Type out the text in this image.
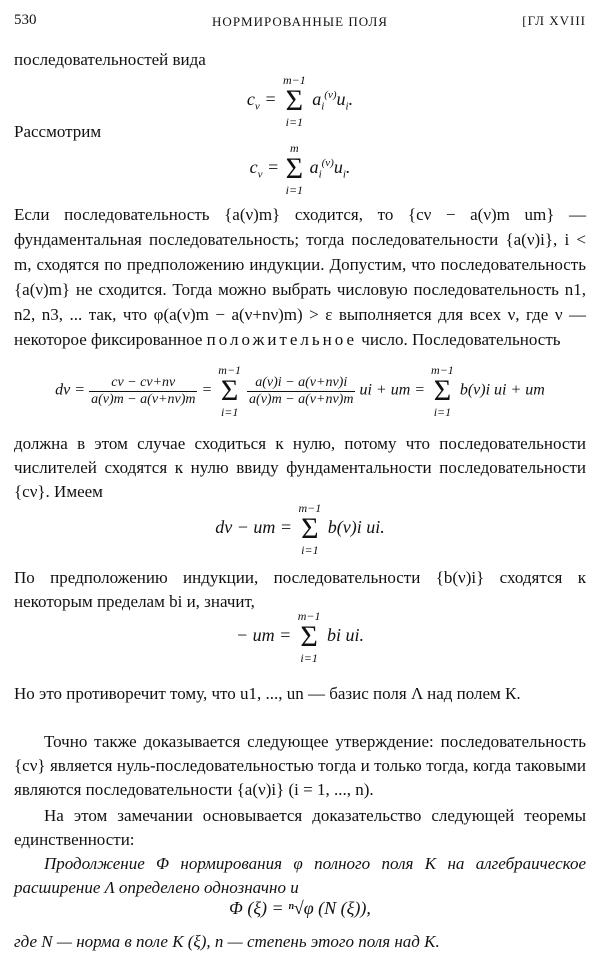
530	НОРМИРОВАННЫЕ ПОЛЯ	[ГЛ XVIII
последовательностей вида
$c_\nu$ =
m−1
Σ
i=1
$a_i^{(\nu)}u_i$.
Рассмотрим
$c_\nu$ =
m
Σ
i=1
$a_i^{(\nu)}u_i$.
Если последовательность {a(ν)m} сходится, то {cν − a(ν)m um} — фундаментальная последовательность; тогда последовательности {a(ν)i}, i < m, сходятся по предположению индукции. Допустим, что последовательность {a(ν)m} не сходится. Тогда можно выбрать числовую последовательность n1, n2, n3, ... так, что φ(a(ν)m − a(ν+nν)m) > ε выполняется для всех ν, где ν — некоторое фиксированное положительное число. Последовательность
$d\nu = \frac{c\nu - c\nu+n\nu}{a(\nu)m - a(\nu+n\nu)m}$ =
m−1
Σ
i=1

$\frac{a(\nu)i - a(\nu+n\nu)i}{a(\nu)m - a(\nu+n\nu)m}$ ui + um =
m−1
Σ
i=1
b(ν)i ui + um
должна в этом случае сходиться к нулю, потому что последовательности числителей сходятся к нулю ввиду фундаментальности последовательности {cν}. Имеем
dν − um =
m−1
Σ
i=1
b(ν)i ui.
По предположению индукции, последовательности {b(ν)i} сходятся к некоторым пределам bi и, значит,
− um =
m−1
Σ
i=1
bi ui.
Но это противоречит тому, что u1, ..., un — базис поля Λ над полем К.
Точно также доказывается следующее утверждение: последовательность {cν} является нуль-последовательностью тогда и только тогда, когда таковыми являются последовательности {a(ν)i} (i = 1, ..., n).
На этом замечании основывается доказательство следующей теоремы единственности:
Продолжение Φ нормирования φ полного поля К на алгебраическое расширение Λ определено однозначно и
Φ (ξ) = ⁿ√φ (N (ξ)),
где N — норма в поле К (ξ), n — степень этого поля над К.
